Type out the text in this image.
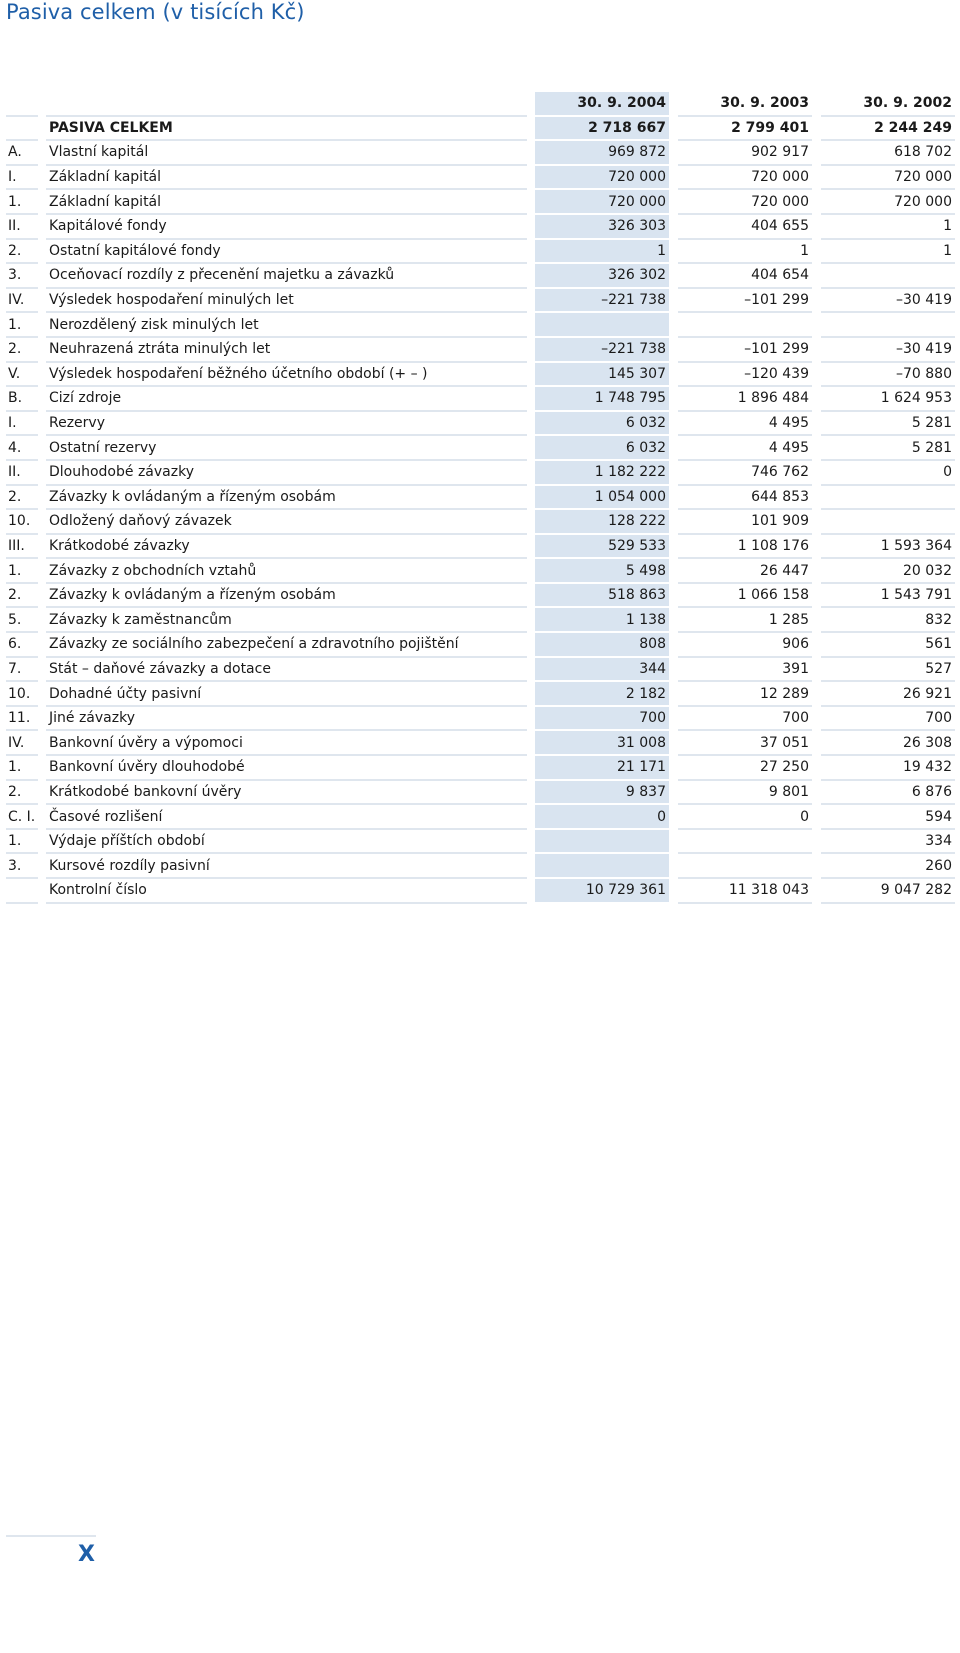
Pasiva celkem (v tisících Kč)
				30. 9. 2004		30. 9. 2003		30. 9. 2002
		PASIVA CELKEM		2 718 667		2 799 401		2 244 249
A.		Vlastní kapitál		969 872		902 917		618 702
I.		Základní kapitál		720 000		720 000		720 000
1.		Základní kapitál		720 000		720 000		720 000
II.		Kapitálové fondy		326 303		404 655		1
2.		Ostatní kapitálové fondy		1		1		1
3.		Oceňovací rozdíly z přecenění majetku a závazků		326 302		404 654		
IV.		Výsledek hospodaření minulých let		–221 738		–101 299		–30 419
1.		Nerozdělený zisk minulých let						
2.		Neuhrazená ztráta minulých let		–221 738		–101 299		–30 419
V.		Výsledek hospodaření běžného účetního období (+ – )		145 307		–120 439		–70 880
B.		Cizí zdroje		1 748 795		1 896 484		1 624 953
I.		Rezervy		6 032		4 495		5 281
4.		Ostatní rezervy		6 032		4 495		5 281
II.		Dlouhodobé závazky		1 182 222		746 762		0
2.		Závazky k ovládaným a řízeným osobám		1 054 000		644 853		
10.		Odložený daňový závazek		128 222		101 909		
III.		Krátkodobé závazky		529 533		1 108 176		1 593 364
1.		Závazky z obchodních vztahů		5 498		26 447		20 032
2.		Závazky k ovládaným a řízeným osobám		518 863		1 066 158		1 543 791
5.		Závazky k zaměstnancům		1 138		1 285		832
6.		Závazky ze sociálního zabezpečení a zdravotního pojištění		808		906		561
7.		Stát – daňové závazky a dotace		344		391		527
10.		Dohadné účty pasivní		2 182		12 289		26 921
11.		Jiné závazky		700		700		700
IV.		Bankovní úvěry a výpomoci		31 008		37 051		26 308
1.		Bankovní úvěry dlouhodobé		21 171		27 250		19 432
2.		Krátkodobé bankovní úvěry		9 837		9 801		6 876
C. I.		Časové rozlišení		0		0		594
1.		Výdaje příštích období						334
3.		Kursové rozdíly pasivní						260
		Kontrolní číslo		10 729 361		11 318 043		9 047 282
X
